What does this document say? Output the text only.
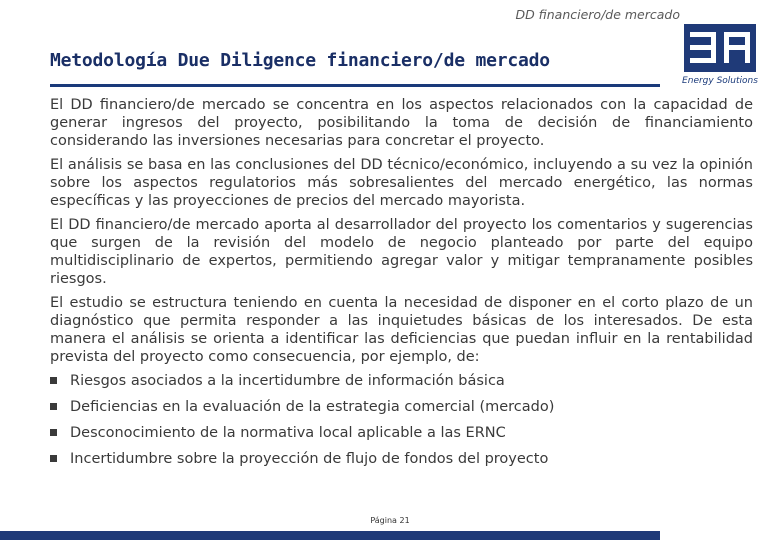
DD financiero/de mercado
Metodología Due Diligence financiero/de mercado
Energy Solutions

El DD financiero/de mercado se concentra en los aspectos relacionados con la capacidad de generar ingresos del proyecto, posibilitando la toma de decisión de financiamiento considerando las inversiones necesarias para concretar el proyecto.

El análisis se basa en las conclusiones del DD técnico/económico, incluyendo a su vez la opinión sobre los aspectos regulatorios más sobresalientes del mercado energético, las normas específicas y las proyecciones de precios del mercado mayorista.

El DD financiero/de mercado aporta al desarrollador del proyecto los comentarios y sugerencias que surgen de la revisión del modelo de negocio planteado por parte del equipo multidisciplinario de expertos, permitiendo agregar valor y mitigar tempranamente posibles riesgos.

El estudio se estructura teniendo en cuenta la necesidad de disponer en el corto plazo de un diagnóstico que permita responder a las inquietudes básicas de los interesados. De esta manera el análisis se orienta a identificar las deficiencias que puedan influir en la rentabilidad prevista del proyecto como consecuencia, por ejemplo, de:

Riesgos asociados a la incertidumbre de información básica
Deficiencias en la evaluación de la estrategia comercial (mercado)
Desconocimiento de la normativa local aplicable a las ERNC
Incertidumbre sobre la proyección de flujo de fondos del proyecto
Página 21
